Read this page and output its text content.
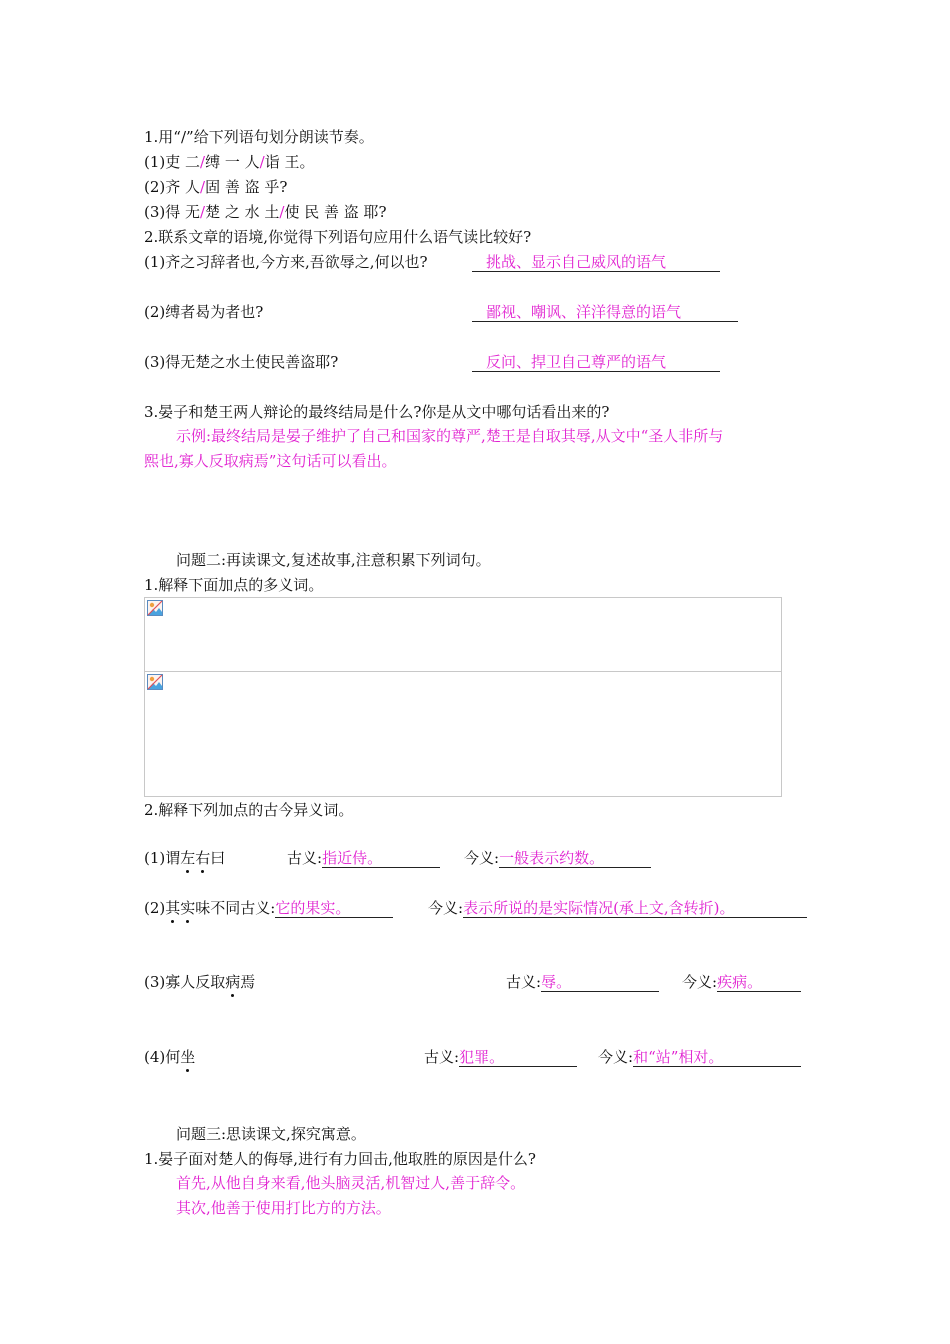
1.用“/”给下列语句划分朗读节奏。
(1)吏 二/缚 一 人/诣 王。
(2)齐 人/固 善 盗 乎?
(3)得 无/楚 之 水 土/使 民 善 盗 耶?
2.联系文章的语境,你觉得下列语句应用什么语气读比较好?
(1)齐之习辞者也,今方来,吾欲辱之,何以也?	挑战、显示自己威风的语气
(2)缚者曷为者也?	鄙视、嘲讽、洋洋得意的语气
(3)得无楚之水土使民善盗耶?	反问、捍卫自己尊严的语气
3.晏子和楚王两人辩论的最终结局是什么?你是从文中哪句话看出来的?
示例:最终结局是晏子维护了自己和国家的尊严,楚王是自取其辱,从文中“圣人非所与
熙也,寡人反取病焉”这句话可以看出。
问题二:再读课文,复述故事,注意积累下列词句。
1.解释下面加点的多义词。
2.解释下列加点的古今异义词。
(1)谓左右曰	古义:指近侍。	今义:一般表示约数。
(2)其实味不同古义:它的果实。	今义:表示所说的是实际情况(承上文,含转折)。
(3)寡人反取病焉	古义:辱。	今义:疾病。
(4)何坐	古义:犯罪。	今义:和“站”相对。
问题三:思读课文,探究寓意。
1.晏子面对楚人的侮辱,进行有力回击,他取胜的原因是什么?
首先,从他自身来看,他头脑灵活,机智过人,善于辞令。
其次,他善于使用打比方的方法。
